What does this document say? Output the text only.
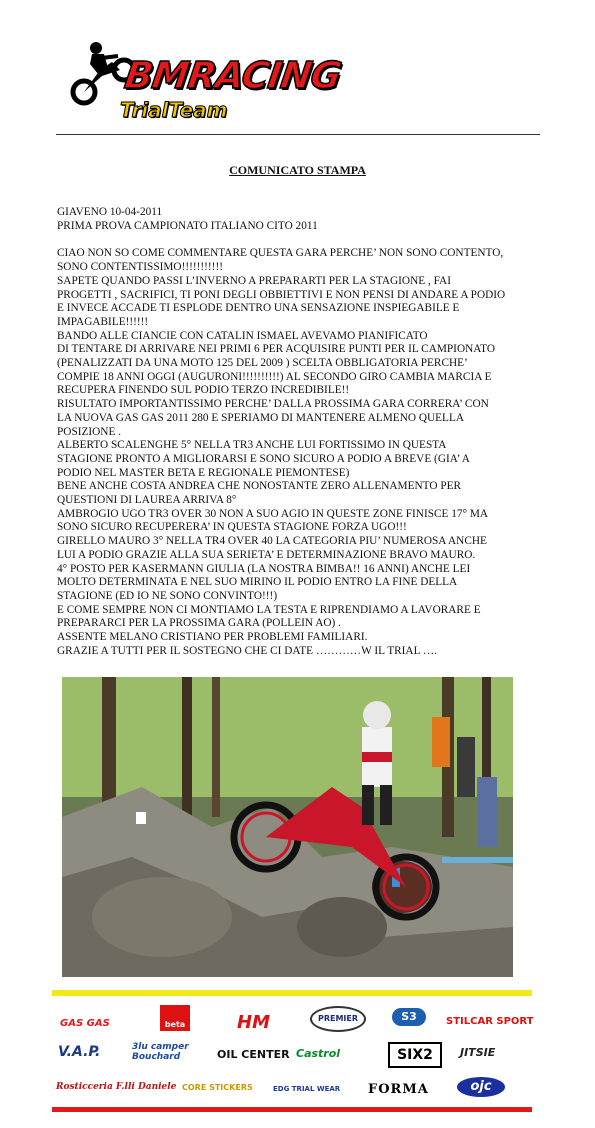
BMRACING
TrialTeam
COMUNICATO STAMPA

GIAVENO 10-04-2011

PRIMA PROVA CAMPIONATO ITALIANO CITO 2011

CIAO NON SO COME COMMENTARE QUESTA GARA PERCHE’ NON SONO CONTENTO,

SONO CONTENTISSIMO!!!!!!!!!!!

SAPETE QUANDO PASSI L’INVERNO A PREPARARTI PER LA STAGIONE , FAI

PROGETTI , SACRIFICI, TI PONI DEGLI OBBIETTIVI E NON PENSI DI ANDARE A PODIO

E INVECE ACCADE TI ESPLODE DENTRO UNA SENSAZIONE INSPIEGABILE E

IMPAGABILE!!!!!!

BANDO ALLE CIANCIE CON CATALIN ISMAEL AVEVAMO PIANIFICATO

DI TENTARE DI ARRIVARE NEI PRIMI 6 PER ACQUISIRE PUNTI PER IL CAMPIONATO

(PENALIZZATI DA UNA MOTO 125 DEL 2009 ) SCELTA OBBLIGATORIA PERCHE’

COMPIE 18 ANNI OGGI (AUGURONI!!!!!!!!!!) AL SECONDO GIRO CAMBIA MARCIA E

RECUPERA FINENDO SUL PODIO TERZO INCREDIBILE!!

RISULTATO IMPORTANTISSIMO PERCHE’ DALLA PROSSIMA GARA CORRERA’ CON

LA NUOVA GAS GAS 2011 280 E SPERIAMO DI MANTENERE ALMENO QUELLA

POSIZIONE .

ALBERTO SCALENGHE 5° NELLA TR3 ANCHE LUI FORTISSIMO IN QUESTA

STAGIONE PRONTO A MIGLIORARSI E SONO SICURO A PODIO A BREVE (GIA’ A

PODIO NEL MASTER BETA E REGIONALE PIEMONTESE)

BENE ANCHE COSTA ANDREA CHE NONOSTANTE ZERO ALLENAMENTO PER

QUESTIONI DI LAUREA ARRIVA 8°

AMBROGIO UGO TR3 OVER 30 NON A SUO AGIO IN QUESTE ZONE FINISCE 17° MA

SONO SICURO RECUPERERA’ IN QUESTA STAGIONE FORZA UGO!!!

GIRELLO MAURO 3° NELLA TR4 OVER 40 LA CATEGORIA PIU’ NUMEROSA ANCHE

LUI A PODIO GRAZIE ALLA SUA SERIETA’ E DETERMINAZIONE BRAVO MAURO.

4° POSTO PER KASERMANN GIULIA (LA NOSTRA BIMBA!! 16 ANNI) ANCHE LEI

MOLTO DETERMINATA E NEL SUO MIRINO IL PODIO ENTRO LA FINE DELLA

STAGIONE (ED IO NE SONO CONVINTO!!!)

E COME SEMPRE NON CI MONTIAMO LA TESTA E RIPRENDIAMO A LAVORARE E

PREPARARCI PER LA PROSSIMA GARA (POLLEIN AO) .

ASSENTE MELANO CRISTIANO PER PROBLEMI FAMILIARI.

GRAZIE A TUTTI PER IL SOSTEGNO CHE CI DATE …………W IL TRIAL ….

GAS GAS	beta	HM	PREMIER	S3	STILCAR SPORT
V.A.P.	3lu camper Bouchard	OIL CENTER Castrol	SIX2	JITSIE
Rosticceria F.lli Daniele CORE STICKERS	EDG TRIAL WEAR FORMA	ojc
